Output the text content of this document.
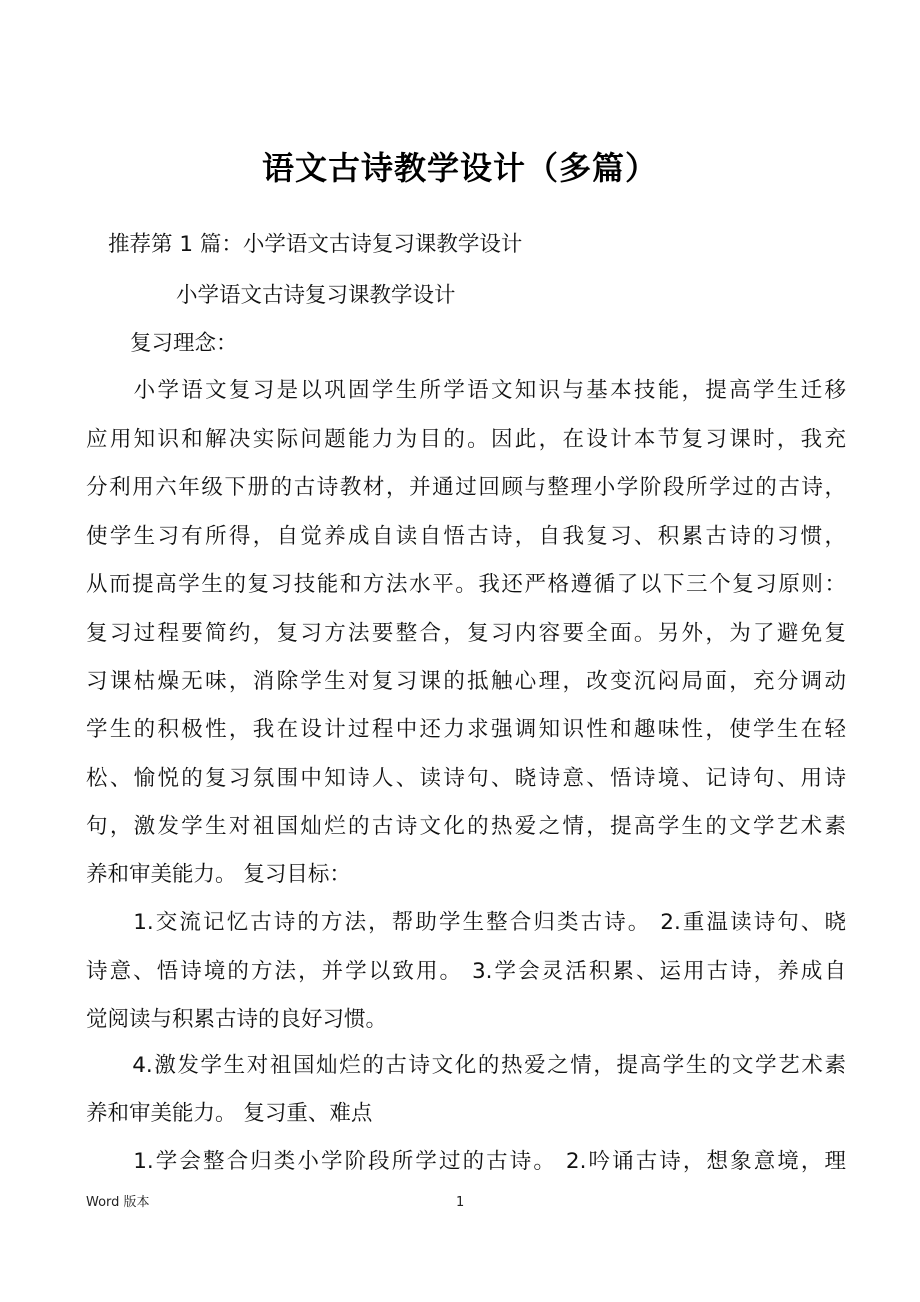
语文古诗教学设计（多篇）
推荐第 1 篇：小学语文古诗复习课教学设计
小学语文古诗复习课教学设计
复习理念：
　　小学语文复习是以巩固学生所学语文知识与基本技能，提高学生迁移
应用知识和解决实际问题能力为目的。因此，在设计本节复习课时，我充
分利用六年级下册的古诗教材，并通过回顾与整理小学阶段所学过的古诗，
使学生习有所得，自觉养成自读自悟古诗，自我复习、积累古诗的习惯，
从而提高学生的复习技能和方法水平。我还严格遵循了以下三个复习原则：
复习过程要简约，复习方法要整合，复习内容要全面。另外，为了避免复
习课枯燥无味，消除学生对复习课的抵触心理，改变沉闷局面，充分调动
学生的积极性，我在设计过程中还力求强调知识性和趣味性，使学生在轻
松、愉悦的复习氛围中知诗人、读诗句、晓诗意、悟诗境、记诗句、用诗
句，激发学生对祖国灿烂的古诗文化的热爱之情，提高学生的文学艺术素
养和审美能力。 复习目标：
　　1.交流记忆古诗的方法，帮助学生整合归类古诗。 2.重温读诗句、晓
诗意、悟诗境的方法，并学以致用。 3.学会灵活积累、运用古诗，养成自
觉阅读与积累古诗的良好习惯。
　　4.激发学生对祖国灿烂的古诗文化的热爱之情，提高学生的文学艺术素
养和审美能力。 复习重、难点
　　1.学会整合归类小学阶段所学过的古诗。 2.吟诵古诗，想象意境，理
Word 版本	1
